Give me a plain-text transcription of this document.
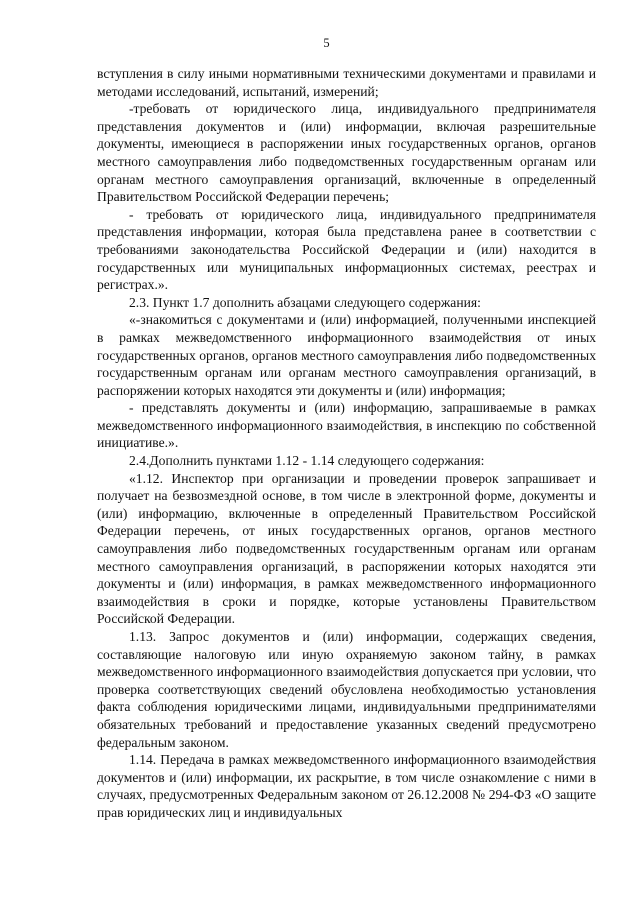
5

вступления в силу иными нормативными техническими документами и правилами и методами исследований, испытаний, измерений;

-требовать от юридического лица, индивидуального предпринимателя представления документов и (или) информации, включая разрешительные документы, имеющиеся в распоряжении иных государственных органов, органов местного самоуправления либо подведомственных государственным органам или органам местного самоуправления организаций, включенные в определенный Правительством Российской Федерации перечень;

- требовать от юридического лица, индивидуального предпринимателя представления информации, которая была представлена ранее в соответствии с требованиями законодательства Российской Федерации и (или) находится в государственных или муниципальных информационных системах, реестрах и регистрах.».

2.3. Пункт 1.7 дополнить абзацами следующего содержания:

«-знакомиться с документами и (или) информацией, полученными инспекцией в рамках межведомственного информационного взаимодействия от иных государственных органов, органов местного самоуправления либо подведомственных государственным органам или органам местного самоуправления организаций, в распоряжении которых находятся эти документы и (или) информация;

- представлять документы и (или) информацию, запрашиваемые в рамках межведомственного информационного взаимодействия, в инспекцию по собственной инициативе.».

2.4.Дополнить пунктами 1.12 - 1.14 следующего содержания:

«1.12. Инспектор при организации и проведении проверок запрашивает и получает на безвозмездной основе, в том числе в электронной форме, документы и (или) информацию, включенные в определенный Правительством Российской Федерации перечень, от иных государственных органов, органов местного самоуправления либо подведомственных государственным органам или органам местного самоуправления организаций, в распоряжении которых находятся эти документы и (или) информация, в рамках межведомственного информационного взаимодействия в сроки и порядке, которые установлены Правительством Российской Федерации.

1.13. Запрос документов и (или) информации, содержащих сведения, составляющие налоговую или иную охраняемую законом тайну, в рамках межведомственного информационного взаимодействия допускается при условии, что проверка соответствующих сведений обусловлена необходимостью установления факта соблюдения юридическими лицами, индивидуальными предпринимателями обязательных требований и предоставление указанных сведений предусмотрено федеральным законом.

1.14. Передача в рамках межведомственного информационного взаимодействия документов и (или) информации, их раскрытие, в том числе ознакомление с ними в случаях, предусмотренных Федеральным законом от 26.12.2008 № 294-ФЗ «О защите прав юридических лиц и индивидуальных
